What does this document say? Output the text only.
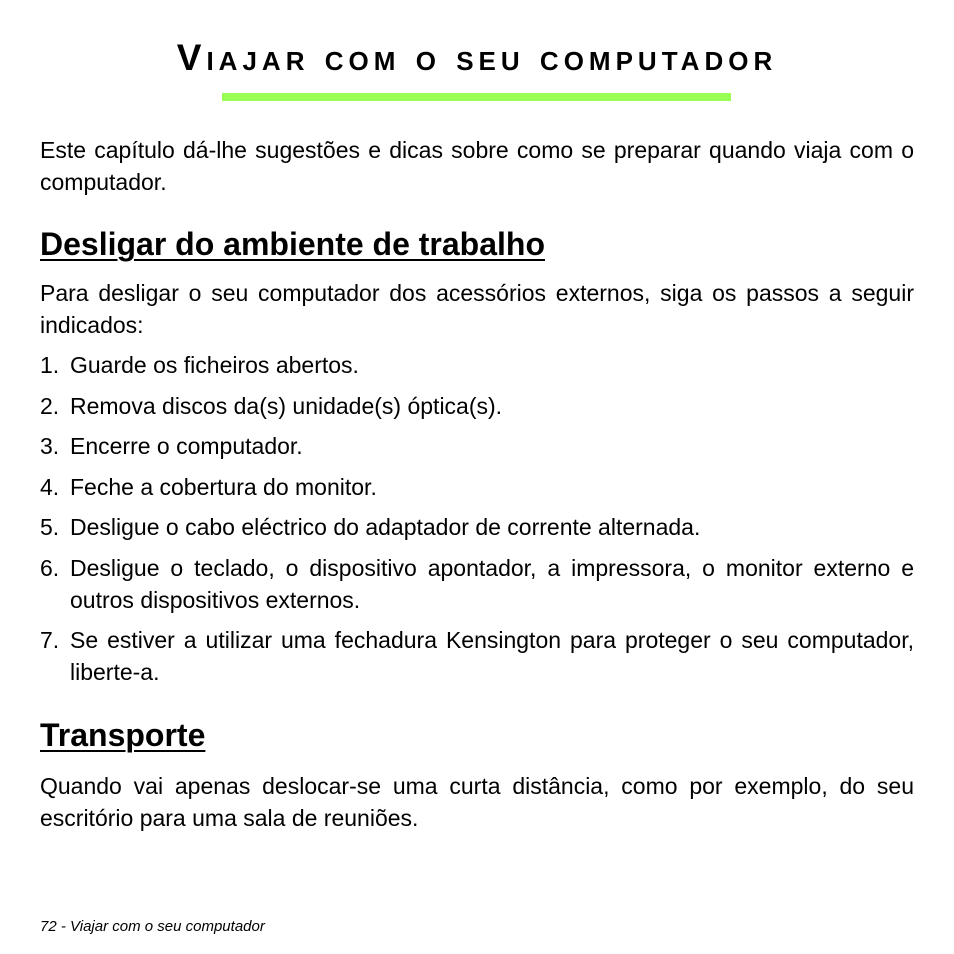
Viajar com o seu computador

Este capítulo dá-lhe sugestões e dicas sobre como se preparar quando viaja com o computador.

Desligar do ambiente de trabalho

Para desligar o seu computador dos acessórios externos, siga os passos a seguir indicados:

1. Guarde os ficheiros abertos.
2. Remova discos da(s) unidade(s) óptica(s).
3. Encerre o computador.
4. Feche a cobertura do monitor.
5. Desligue o cabo eléctrico do adaptador de corrente alternada.
6. Desligue o teclado, o dispositivo apontador, a impressora, o monitor externo e outros dispositivos externos.
7. Se estiver a utilizar uma fechadura Kensington para proteger o seu computador, liberte-a.
Transporte

Quando vai apenas deslocar-se uma curta distância, como por exemplo, do seu escritório para uma sala de reuniões.

72 - Viajar com o seu computador
